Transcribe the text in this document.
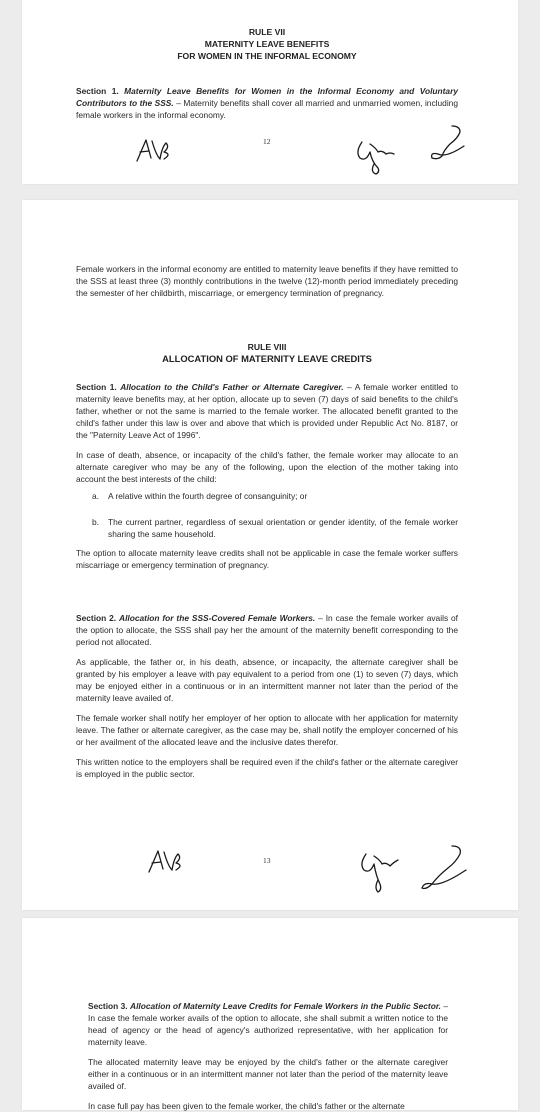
RULE VII
MATERNITY LEAVE BENEFITS
FOR WOMEN IN THE INFORMAL ECONOMY

Section 1. Maternity Leave Benefits for Women in the Informal Economy and Voluntary Contributors to the SSS. – Maternity benefits shall cover all married and unmarried women, including female workers in the informal economy.

12

Female workers in the informal economy are entitled to maternity leave benefits if they have remitted to the SSS at least three (3) monthly contributions in the twelve (12)-month period immediately preceding the semester of her childbirth, miscarriage, or emergency termination of pregnancy.

RULE VIII
ALLOCATION OF MATERNITY LEAVE CREDITS

Section 1. Allocation to the Child's Father or Alternate Caregiver. – A female worker entitled to maternity leave benefits may, at her option, allocate up to seven (7) days of said benefits to the child's father, whether or not the same is married to the female worker. The allocated benefit granted to the child's father under this law is over and above that which is provided under Republic Act No. 8187, or the "Paternity Leave Act of 1996".

In case of death, absence, or incapacity of the child's father, the female worker may allocate to an alternate caregiver who may be any of the following, upon the election of the mother taking into account the best interests of the child:

a. A relative within the fourth degree of consanguinity; or
b. The current partner, regardless of sexual orientation or gender identity, of the female worker sharing the same household.

The option to allocate maternity leave credits shall not be applicable in case the female worker suffers miscarriage or emergency termination of pregnancy.

Section 2. Allocation for the SSS-Covered Female Workers. – In case the female worker avails of the option to allocate, the SSS shall pay her the amount of the maternity benefit corresponding to the period not allocated.

As applicable, the father or, in his death, absence, or incapacity, the alternate caregiver shall be granted by his employer a leave with pay equivalent to a period from one (1) to seven (7) days, which may be enjoyed either in a continuous or in an intermittent manner not later than the period of the maternity leave availed of.

The female worker shall notify her employer of her option to allocate with her application for maternity leave. The father or alternate caregiver, as the case may be, shall notify the employer concerned of his or her availment of the allocated leave and the inclusive dates therefor.

This written notice to the employers shall be required even if the child's father or the alternate caregiver is employed in the public sector.

13

Section 3. Allocation of Maternity Leave Credits for Female Workers in the Public Sector. – In case the female worker avails of the option to allocate, she shall submit a written notice to the head of agency or the head of agency's authorized representative, with her application for maternity leave.

The allocated maternity leave may be enjoyed by the child's father or the alternate caregiver either in a continuous or in an intermittent manner not later than the period of the maternity leave availed of.

In case full pay has been given to the female worker, the child's father or the alternate
